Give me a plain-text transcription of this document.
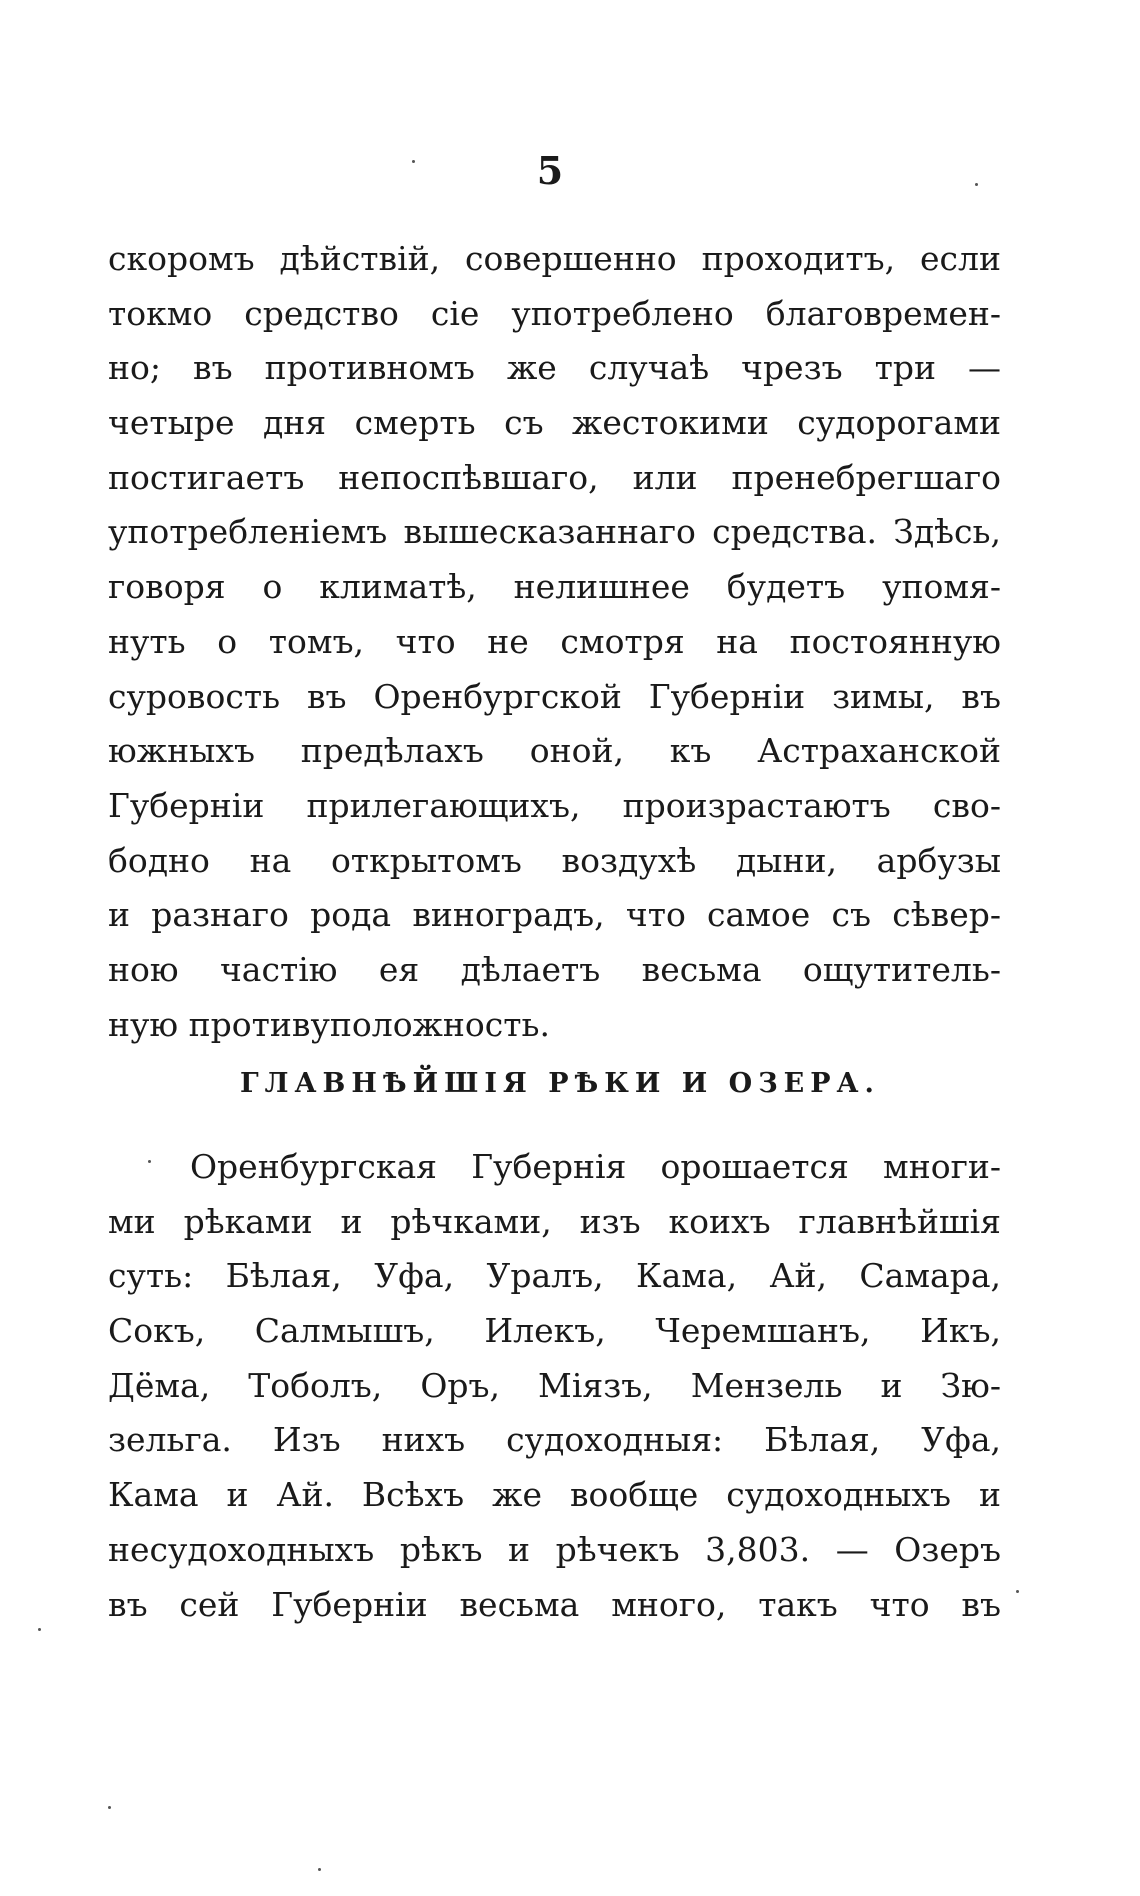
5
скоромъ дѣйствій, совершенно проходитъ, если
токмо средство сіе употреблено благовремен-
но; въ противномъ же случаѣ чрезъ три —
четыре дня смерть съ жестокими судорогами
постигаетъ непоспѣвшаго, или пренебрегшаго
употребленіемъ вышесказаннаго средства. Здѣсь,
говоря о климатѣ, нелишнее будетъ упомя-
нуть о томъ, что не смотря на постоянную
суровость въ Оренбургской Губерніи зимы, въ
южныхъ предѣлахъ оной, къ Астраханской
Губерніи прилегающихъ, произрастаютъ сво-
бодно на открытомъ воздухѣ дыни, арбузы
и разнаго рода виноградъ, что самое съ сѣвер-
ною частію ея дѣлаетъ весьма ощутитель-
ную противуположность.
ГЛАВНѢЙШІЯ РѢКИ И ОЗЕРА.
Оренбургская Губернія орошается многи-
ми рѣками и рѣчками, изъ коихъ главнѣйшія
суть: Бѣлая, Уфа, Уралъ, Кама, Ай, Самара,
Сокъ, Салмышъ, Илекъ, Черемшанъ, Икъ,
Дёма, Тоболъ, Оръ, Міязъ, Мензель и Зю-
зельга. Изъ нихъ судоходныя: Бѣлая, Уфа,
Кама и Ай. Всѣхъ же вообще судоходныхъ и
несудоходныхъ рѣкъ и рѣчекъ 3,803. — Озеръ
въ сей Губерніи весьма много, такъ что въ
